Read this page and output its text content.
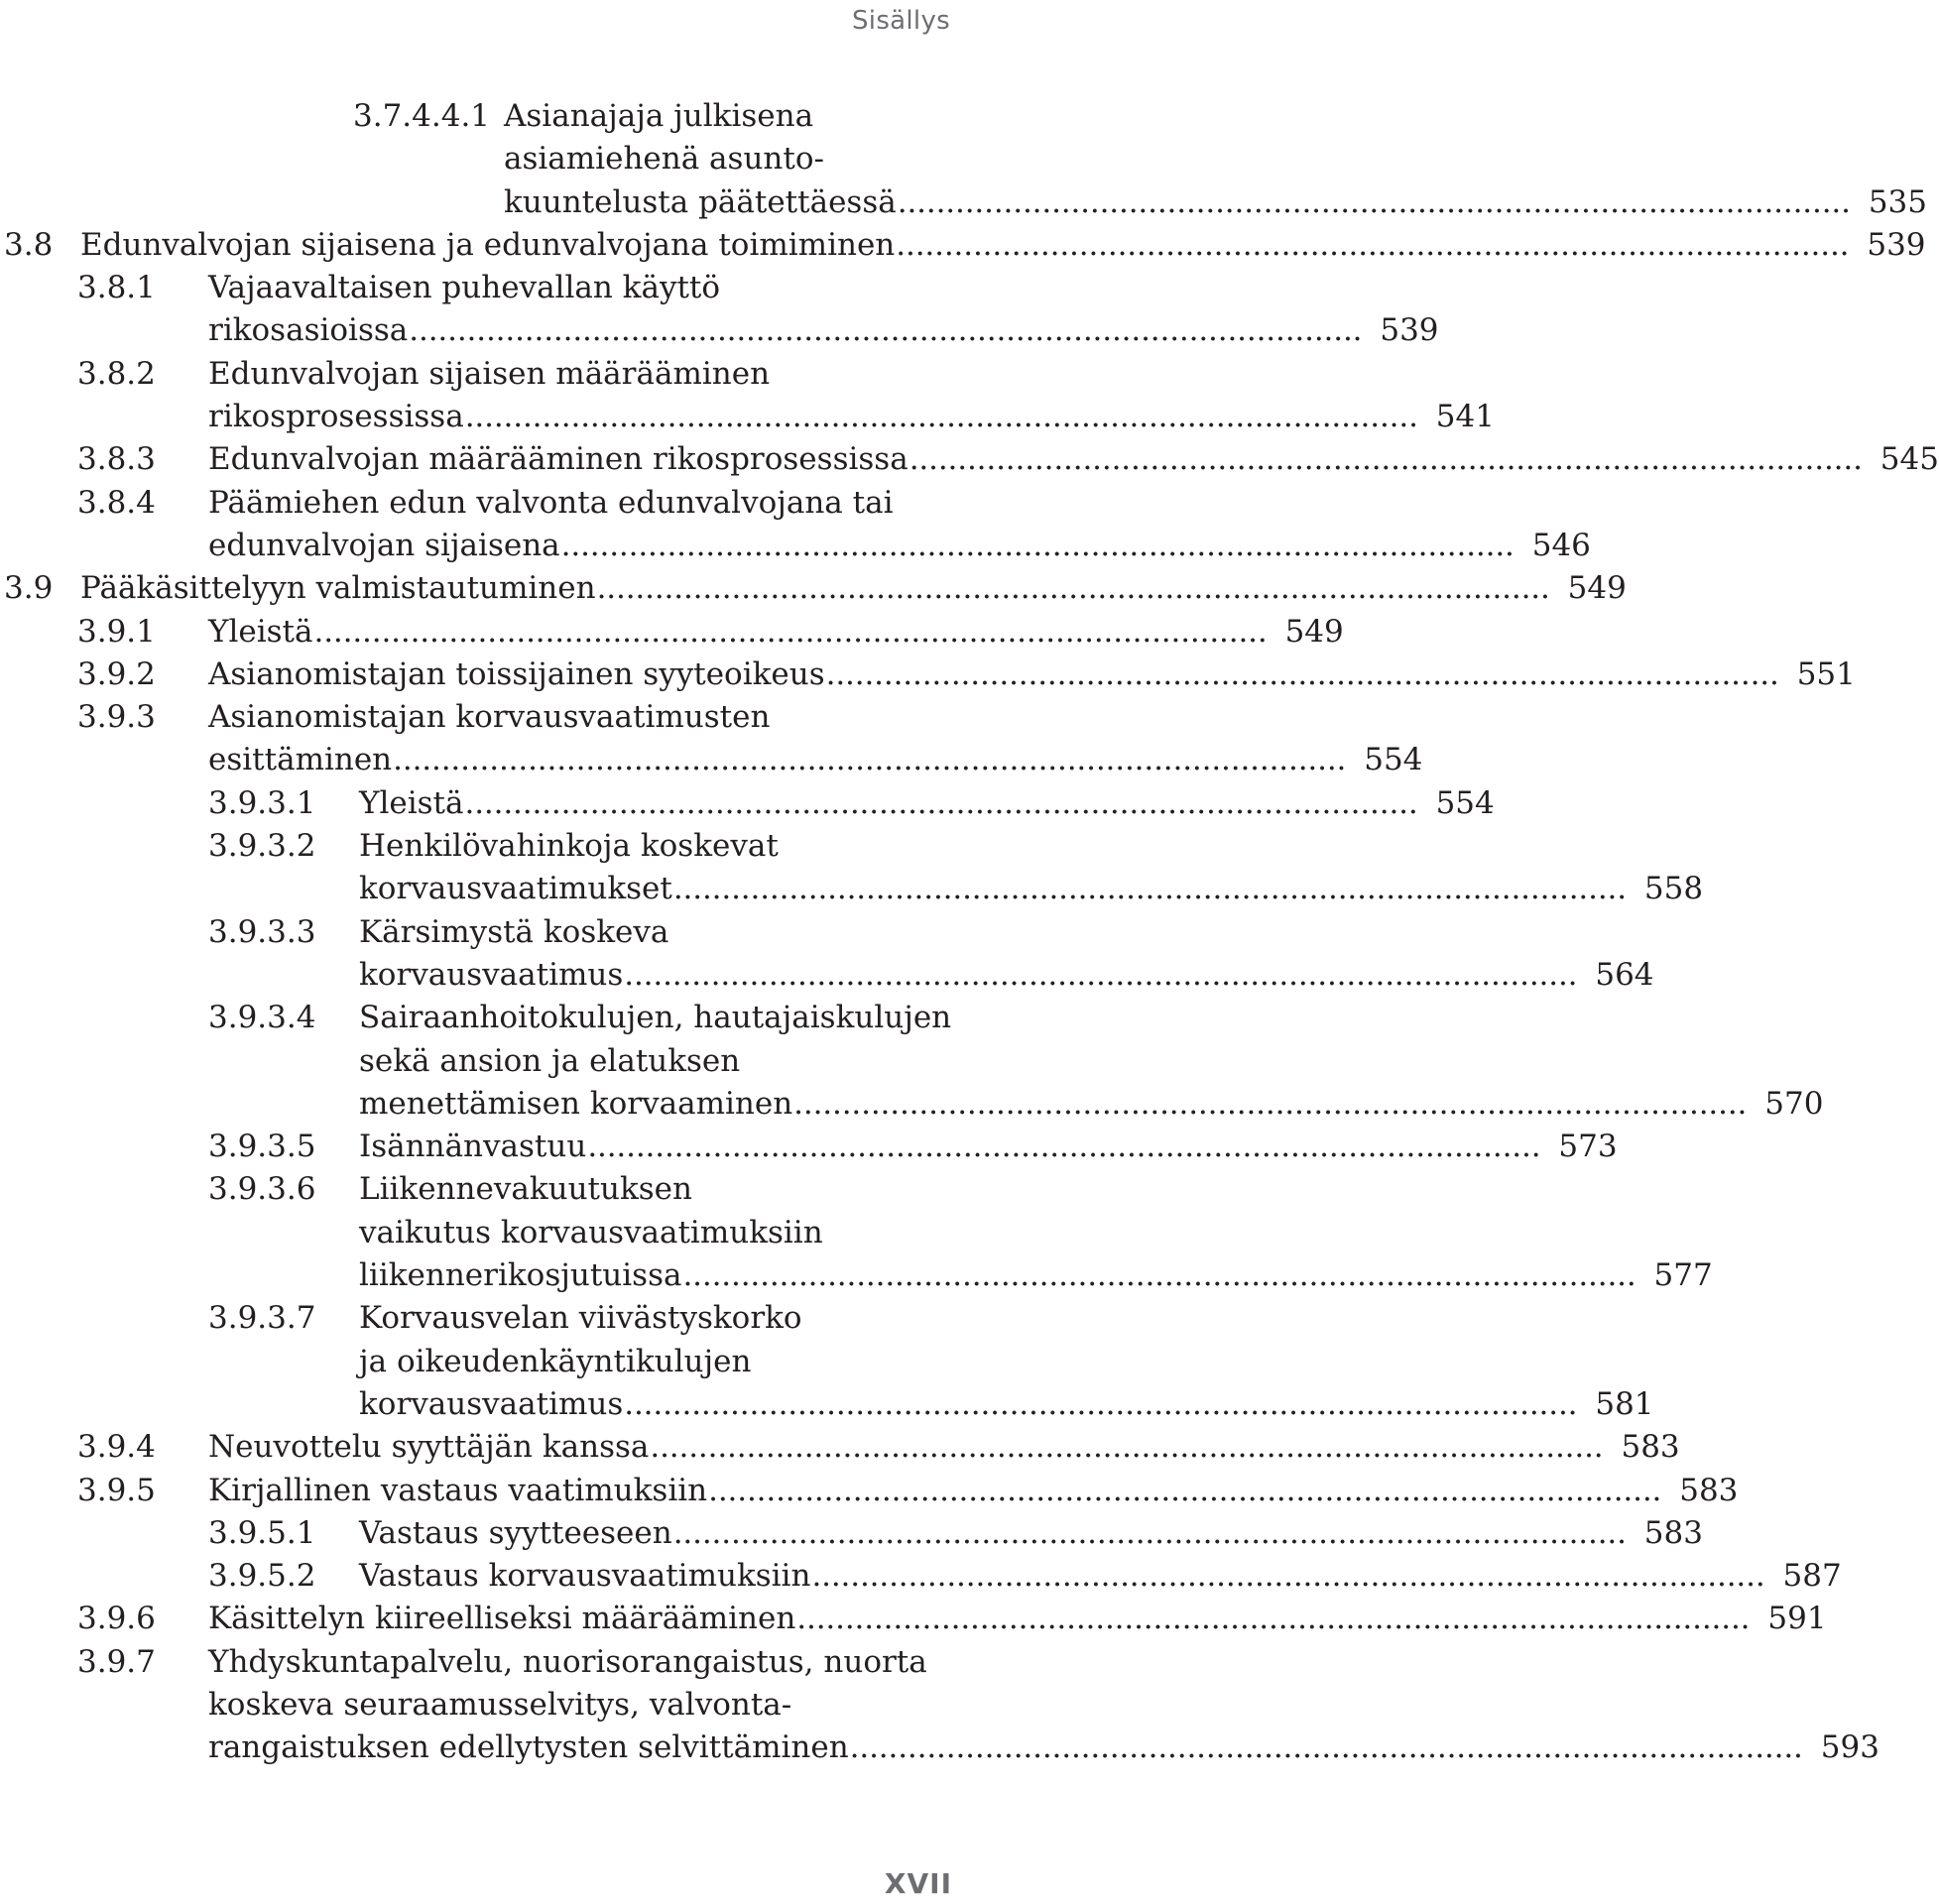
Sisällys
3.7.4.4.1 Asianajaja julkisena
asiamiehenä asunto-
kuuntelusta päätettäessä . . .	535
3.8 Edunvalvojan sijaisena ja edunvalvojana toimiminen . . .	539
3.8.1 Vajaavaltaisen puhevallan käyttö
rikosasioissa . . .	539
3.8.2 Edunvalvojan sijaisen määrääminen
rikosprosessissa . . .	541
3.8.3 Edunvalvojan määrääminen rikosprosessissa . . .	545
3.8.4 Päämiehen edun valvonta edunvalvojana tai
edunvalvojan sijaisena . . .	546
3.9 Pääkäsittelyyn valmistautuminen . . .	549
3.9.1 Yleistä . . .	549
3.9.2 Asianomistajan toissijainen syyteoikeus . . .	551
3.9.3 Asianomistajan korvausvaatimusten
esittäminen . . .	554
3.9.3.1 Yleistä . . .	554
3.9.3.2 Henkilövahinkoja koskevat
korvausvaatimukset . . .	558
3.9.3.3 Kärsimystä koskeva
korvausvaatimus . . .	564
3.9.3.4 Sairaanhoitokulujen, hautajaiskulujen
sekä ansion ja elatuksen
menettämisen korvaaminen . . .	570
3.9.3.5 Isännänvastuu . . .	573
3.9.3.6 Liikennevakuutuksen
vaikutus korvausvaatimuksiin
liikennerikosjutuissa . . .	577
3.9.3.7 Korvausvelan viivästyskorko
ja oikeudenkäyntikulujen
korvausvaatimus . . .	581
3.9.4 Neuvottelu syyttäjän kanssa . . .	583
3.9.5 Kirjallinen vastaus vaatimuksiin . . .	583
3.9.5.1 Vastaus syytteeseen . . .	583
3.9.5.2 Vastaus korvausvaatimuksiin . . .	587
3.9.6 Käsittelyn kiireelliseksi määrääminen . . .	591
3.9.7 Yhdyskuntapalvelu, nuorisorangaistus, nuorta
koskeva seuraamusselvitys, valvonta-
rangaistuksen edellytysten selvittäminen . . .	593
XVII
